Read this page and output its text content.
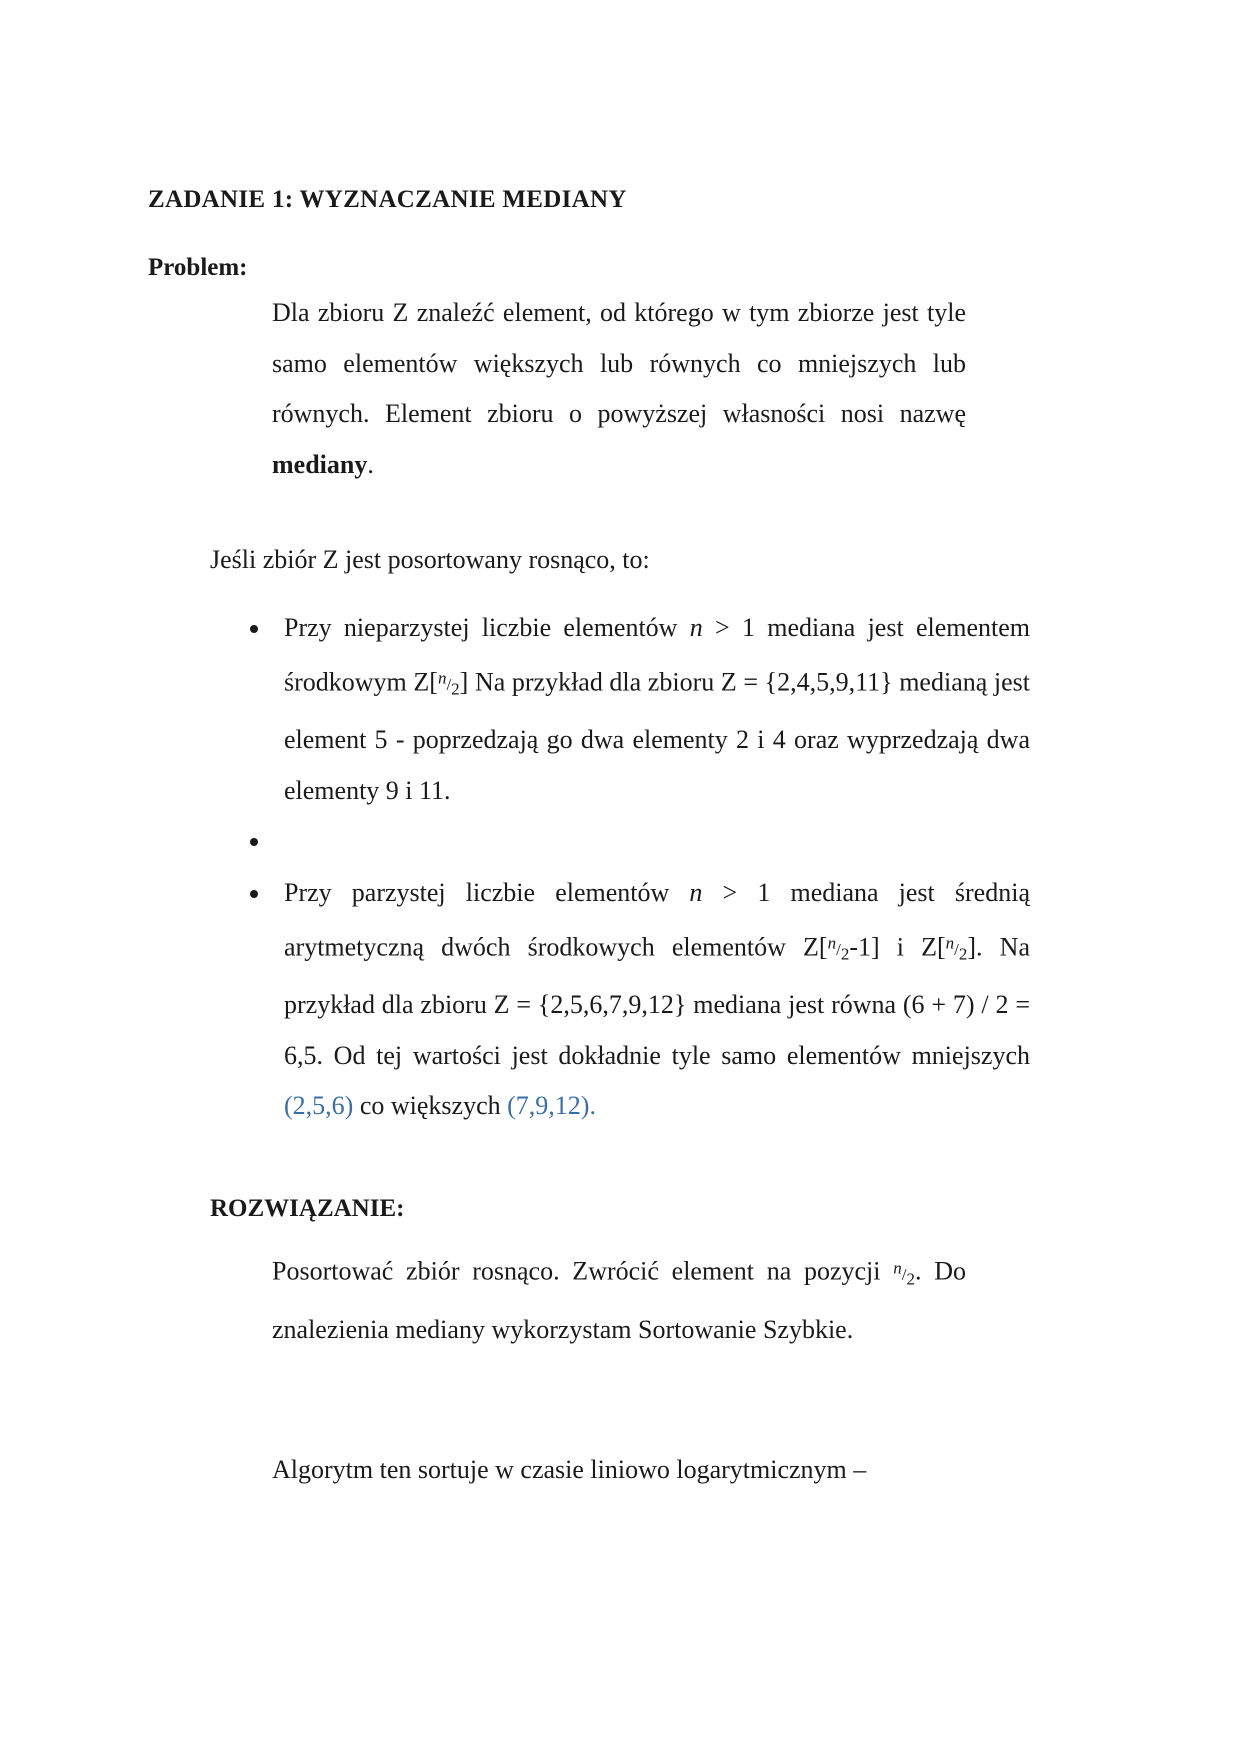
ZADANIE 1: WYZNACZANIE MEDIANY
Problem:

Dla zbioru Z znaleźć element, od którego w tym zbiorze jest tyle samo elementów większych lub równych co mniejszych lub równych. Element zbioru o powyższej własności nosi nazwę mediany.

Jeśli zbiór Z jest posortowany rosnąco, to:

Przy nieparzystej liczbie elementów n > 1 mediana jest elementem środkowym Z[n/2] Na przykład dla zbioru Z = {2,4,5,9,11} medianą jest element 5 - poprzedzają go dwa elementy 2 i 4 oraz wyprzedzają dwa elementy 9 i 11.
Przy parzystej liczbie elementów n > 1 mediana jest średnią arytmetyczną dwóch środkowych elementów Z[n/2-1] i Z[n/2]. Na przykład dla zbioru Z = {2,5,6,7,9,12} mediana jest równa (6 + 7) / 2 = 6,5. Od tej wartości jest dokładnie tyle samo elementów mniejszych (2,5,6) co większych (7,9,12).
ROZWIĄZANIE:

Posortować zbiór rosnąco. Zwrócić element na pozycji n/2. Do znalezienia mediany wykorzystam Sortowanie Szybkie.

Algorytm ten sortuje w czasie liniowo logarytmicznym –
